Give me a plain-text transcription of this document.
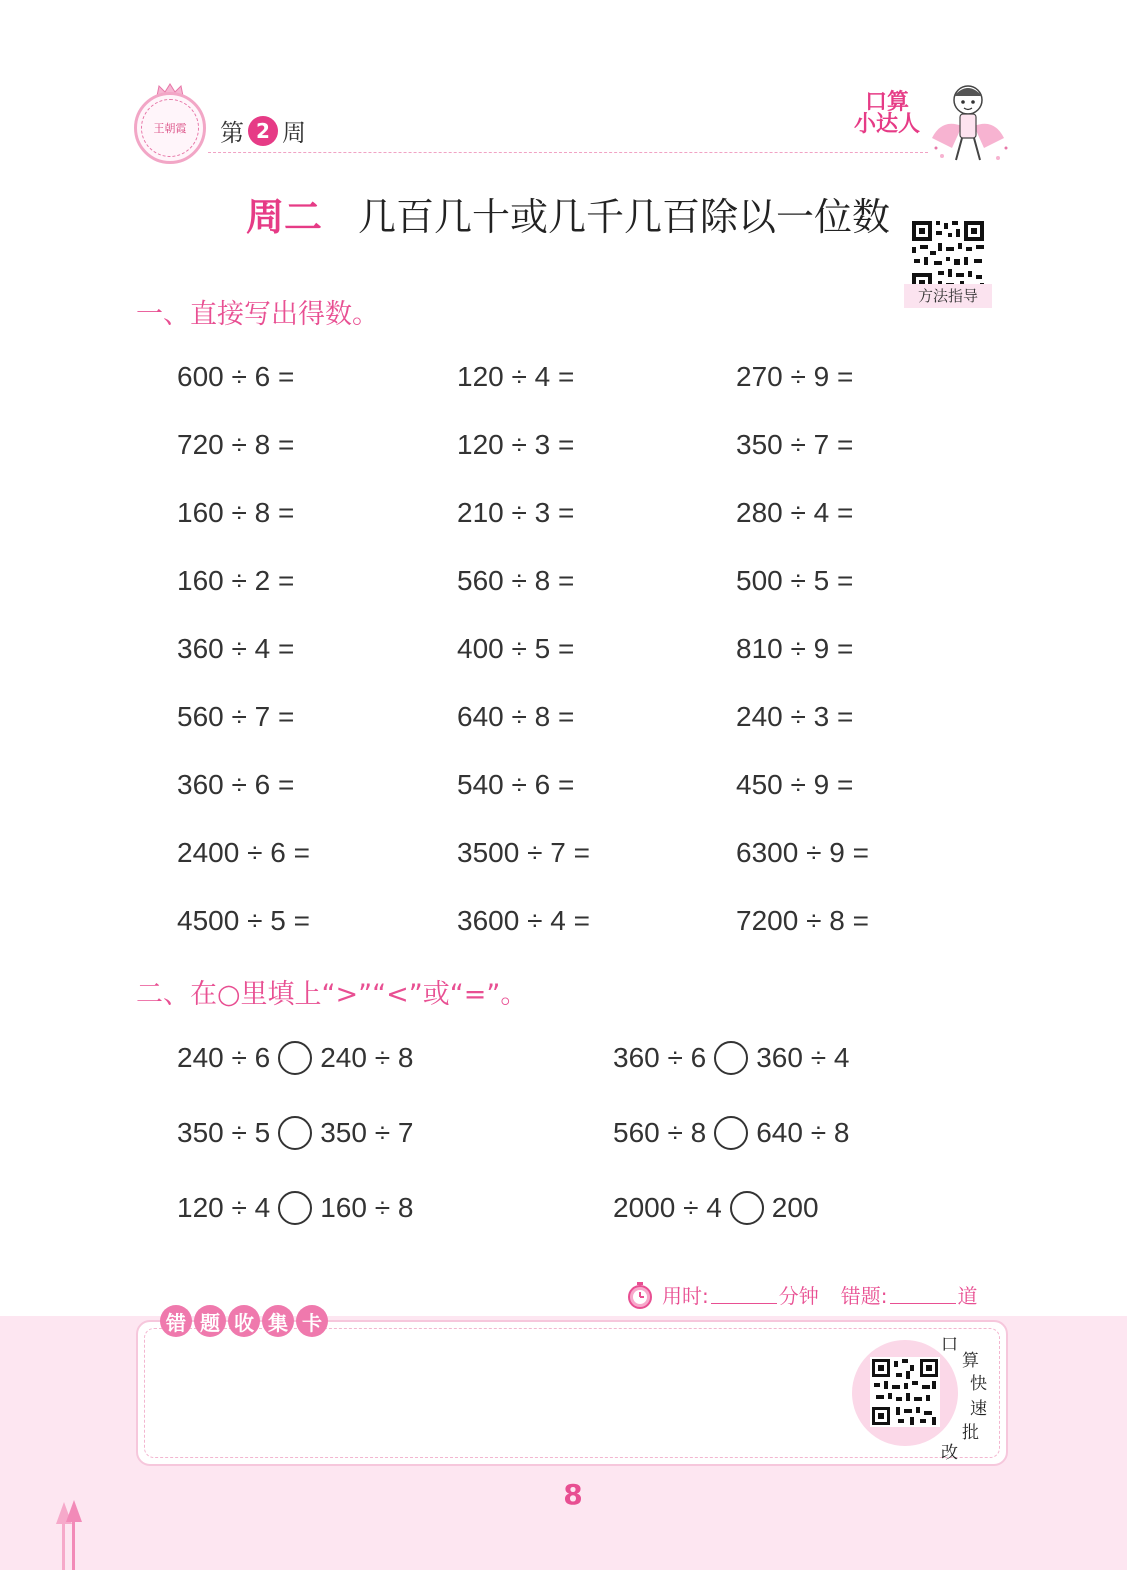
王朝霞	第 2 周
口算
小达人
周二 几百几十或几千几百除以一位数
方法指导
一、直接写出得数。
600 ÷ 6 =	120 ÷ 4 =	270 ÷ 9 =
720 ÷ 8 =	120 ÷ 3 =	350 ÷ 7 =
160 ÷ 8 =	210 ÷ 3 =	280 ÷ 4 =
160 ÷ 2 =	560 ÷ 8 =	500 ÷ 5 =
360 ÷ 4 =	400 ÷ 5 =	810 ÷ 9 =
560 ÷ 7 =	640 ÷ 8 =	240 ÷ 3 =
360 ÷ 6 =	540 ÷ 6 =	450 ÷ 9 =
2400 ÷ 6 =	3500 ÷ 7 =	6300 ÷ 9 =
4500 ÷ 5 =	3600 ÷ 4 =	7200 ÷ 8 =
二、在○里填上“>”“<”或“=”。
240 ÷ 6 240 ÷ 8	360 ÷ 6 360 ÷ 4
350 ÷ 5 350 ÷ 7	560 ÷ 8 640 ÷ 8
120 ÷ 4 160 ÷ 8	2000 ÷ 4 200
用时:	分钟 错题:	道
错 题 收 集 卡
口
算
快
速
批
改
8
